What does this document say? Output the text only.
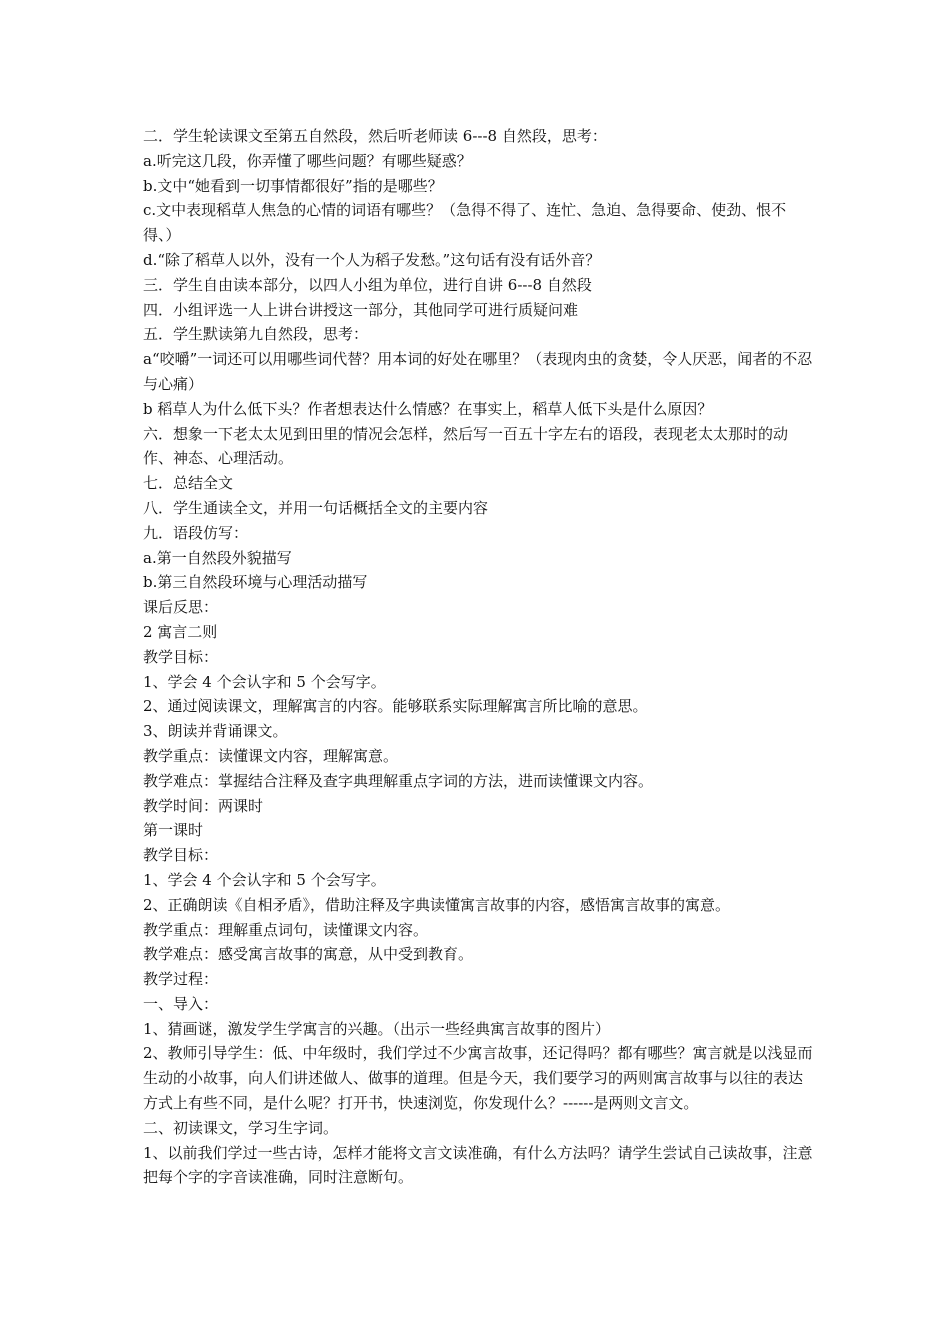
二．学生轮读课文至第五自然段，然后听老师读 6---8 自然段，思考：
a.听完这几段，你弄懂了哪些问题？有哪些疑惑？
b.文中“她看到一切事情都很好”指的是哪些？
c.文中表现稻草人焦急的心情的词语有哪些？（急得不得了、连忙、急迫、急得要命、使劲、恨不得、）
d.“除了稻草人以外，没有一个人为稻子发愁。”这句话有没有话外音？
三．学生自由读本部分，以四人小组为单位，进行自讲 6---8 自然段
四．小组评选一人上讲台讲授这一部分，其他同学可进行质疑问难
五．学生默读第九自然段，思考：
a“咬嚼”一词还可以用哪些词代替？用本词的好处在哪里？（表现肉虫的贪婪，令人厌恶，闻者的不忍与心痛）
b 稻草人为什么低下头？作者想表达什么情感？在事实上，稻草人低下头是什么原因？
六．想象一下老太太见到田里的情况会怎样，然后写一百五十字左右的语段，表现老太太那时的动作、神态、心理活动。
七．总结全文
八．学生通读全文，并用一句话概括全文的主要内容
九．语段仿写：
a.第一自然段外貌描写
b.第三自然段环境与心理活动描写
课后反思：
2 寓言二则
教学目标：
1、学会 4 个会认字和 5 个会写字。
2、通过阅读课文，理解寓言的内容。能够联系实际理解寓言所比喻的意思。
3、朗读并背诵课文。
教学重点：读懂课文内容，理解寓意。
教学难点：掌握结合注释及查字典理解重点字词的方法，进而读懂课文内容。
教学时间：两课时
第一课时
教学目标：
1、学会 4 个会认字和 5 个会写字。
2、正确朗读《自相矛盾》，借助注释及字典读懂寓言故事的内容，感悟寓言故事的寓意。
教学重点：理解重点词句，读懂课文内容。
教学难点：感受寓言故事的寓意，从中受到教育。
教学过程：
一、导入：
1、猜画谜，激发学生学寓言的兴趣。（出示一些经典寓言故事的图片）
2、教师引导学生：低、中年级时，我们学过不少寓言故事，还记得吗？都有哪些？寓言就是以浅显而生动的小故事，向人们讲述做人、做事的道理。但是今天，我们要学习的两则寓言故事与以往的表达方式上有些不同，是什么呢？打开书，快速浏览，你发现什么？------是两则文言文。
二、初读课文，学习生字词。
1、以前我们学过一些古诗，怎样才能将文言文读准确，有什么方法吗？请学生尝试自己读故事，注意把每个字的字音读准确，同时注意断句。
